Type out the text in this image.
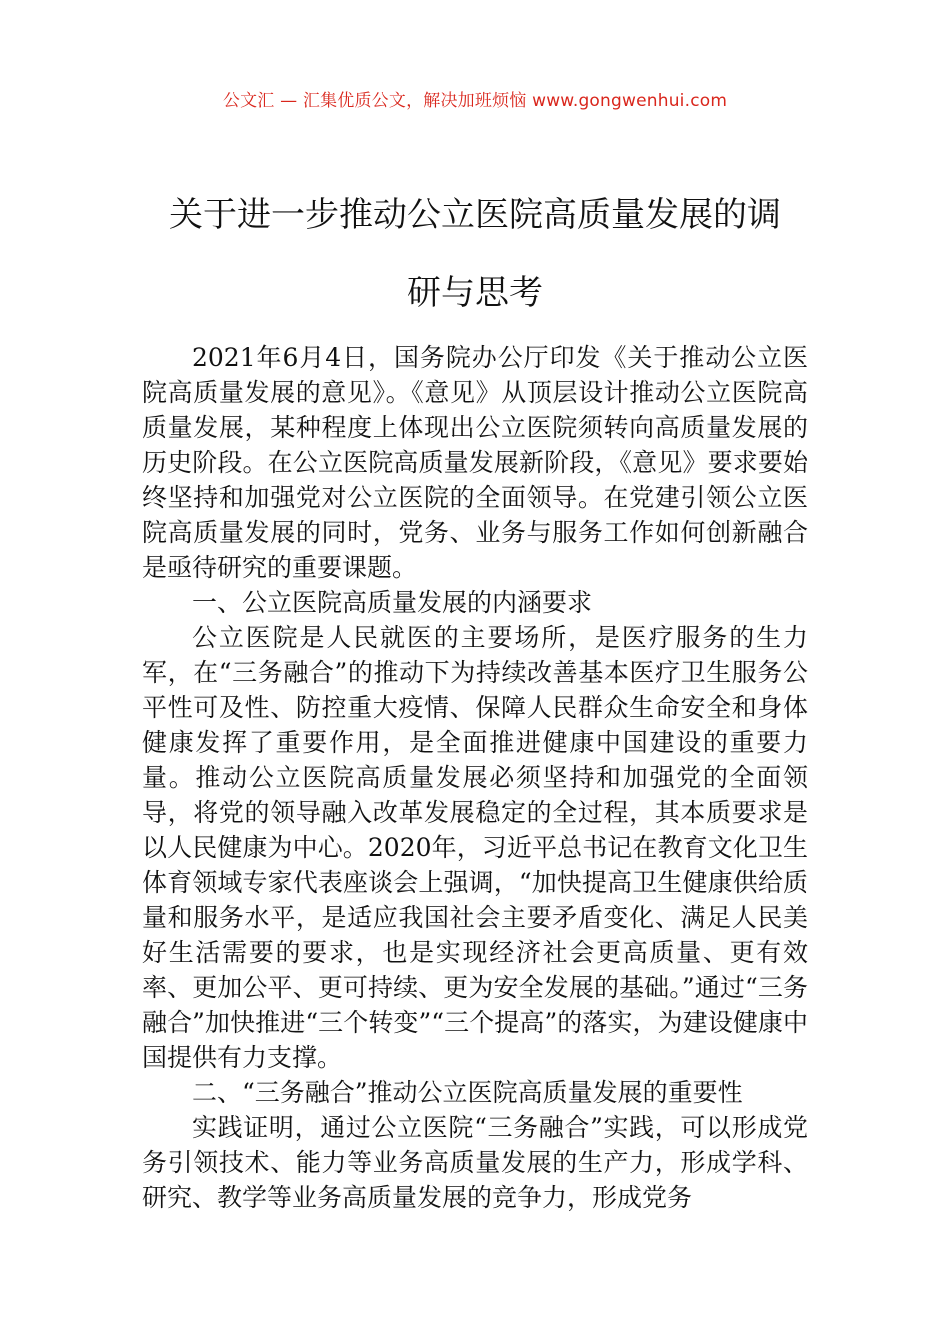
公文汇 — 汇集优质公文，解决加班烦恼 www.gongwenhui.com
关于进一步推动公立医院高质量发展的调
研与思考

2021年6月4日，国务院办公厅印发《关于推动公立医院高质量发展的意见》。《意见》从顶层设计推动公立医院高质量发展，某种程度上体现出公立医院须转向高质量发展的历史阶段。在公立医院高质量发展新阶段，《意见》要求要始终坚持和加强党对公立医院的全面领导。在党建引领公立医院高质量发展的同时，党务、业务与服务工作如何创新融合是亟待研究的重要课题。

一、公立医院高质量发展的内涵要求

公立医院是人民就医的主要场所，是医疗服务的生力军，在“三务融合”的推动下为持续改善基本医疗卫生服务公平性可及性、防控重大疫情、保障人民群众生命安全和身体健康发挥了重要作用，是全面推进健康中国建设的重要力量。推动公立医院高质量发展必须坚持和加强党的全面领导，将党的领导融入改革发展稳定的全过程，其本质要求是以人民健康为中心。2020年，习近平总书记在教育文化卫生体育领域专家代表座谈会上强调，“加快提高卫生健康供给质量和服务水平，是适应我国社会主要矛盾变化、满足人民美好生活需要的要求，也是实现经济社会更高质量、更有效率、更加公平、更可持续、更为安全发展的基础。”通过“三务融合”加快推进“三个转变”“三个提高”的落实，为建设健康中国提供有力支撑。

二、“三务融合”推动公立医院高质量发展的重要性

实践证明，通过公立医院“三务融合”实践，可以形成党务引领技术、能力等业务高质量发展的生产力，形成学科、研究、教学等业务高质量发展的竞争力，形成党务
